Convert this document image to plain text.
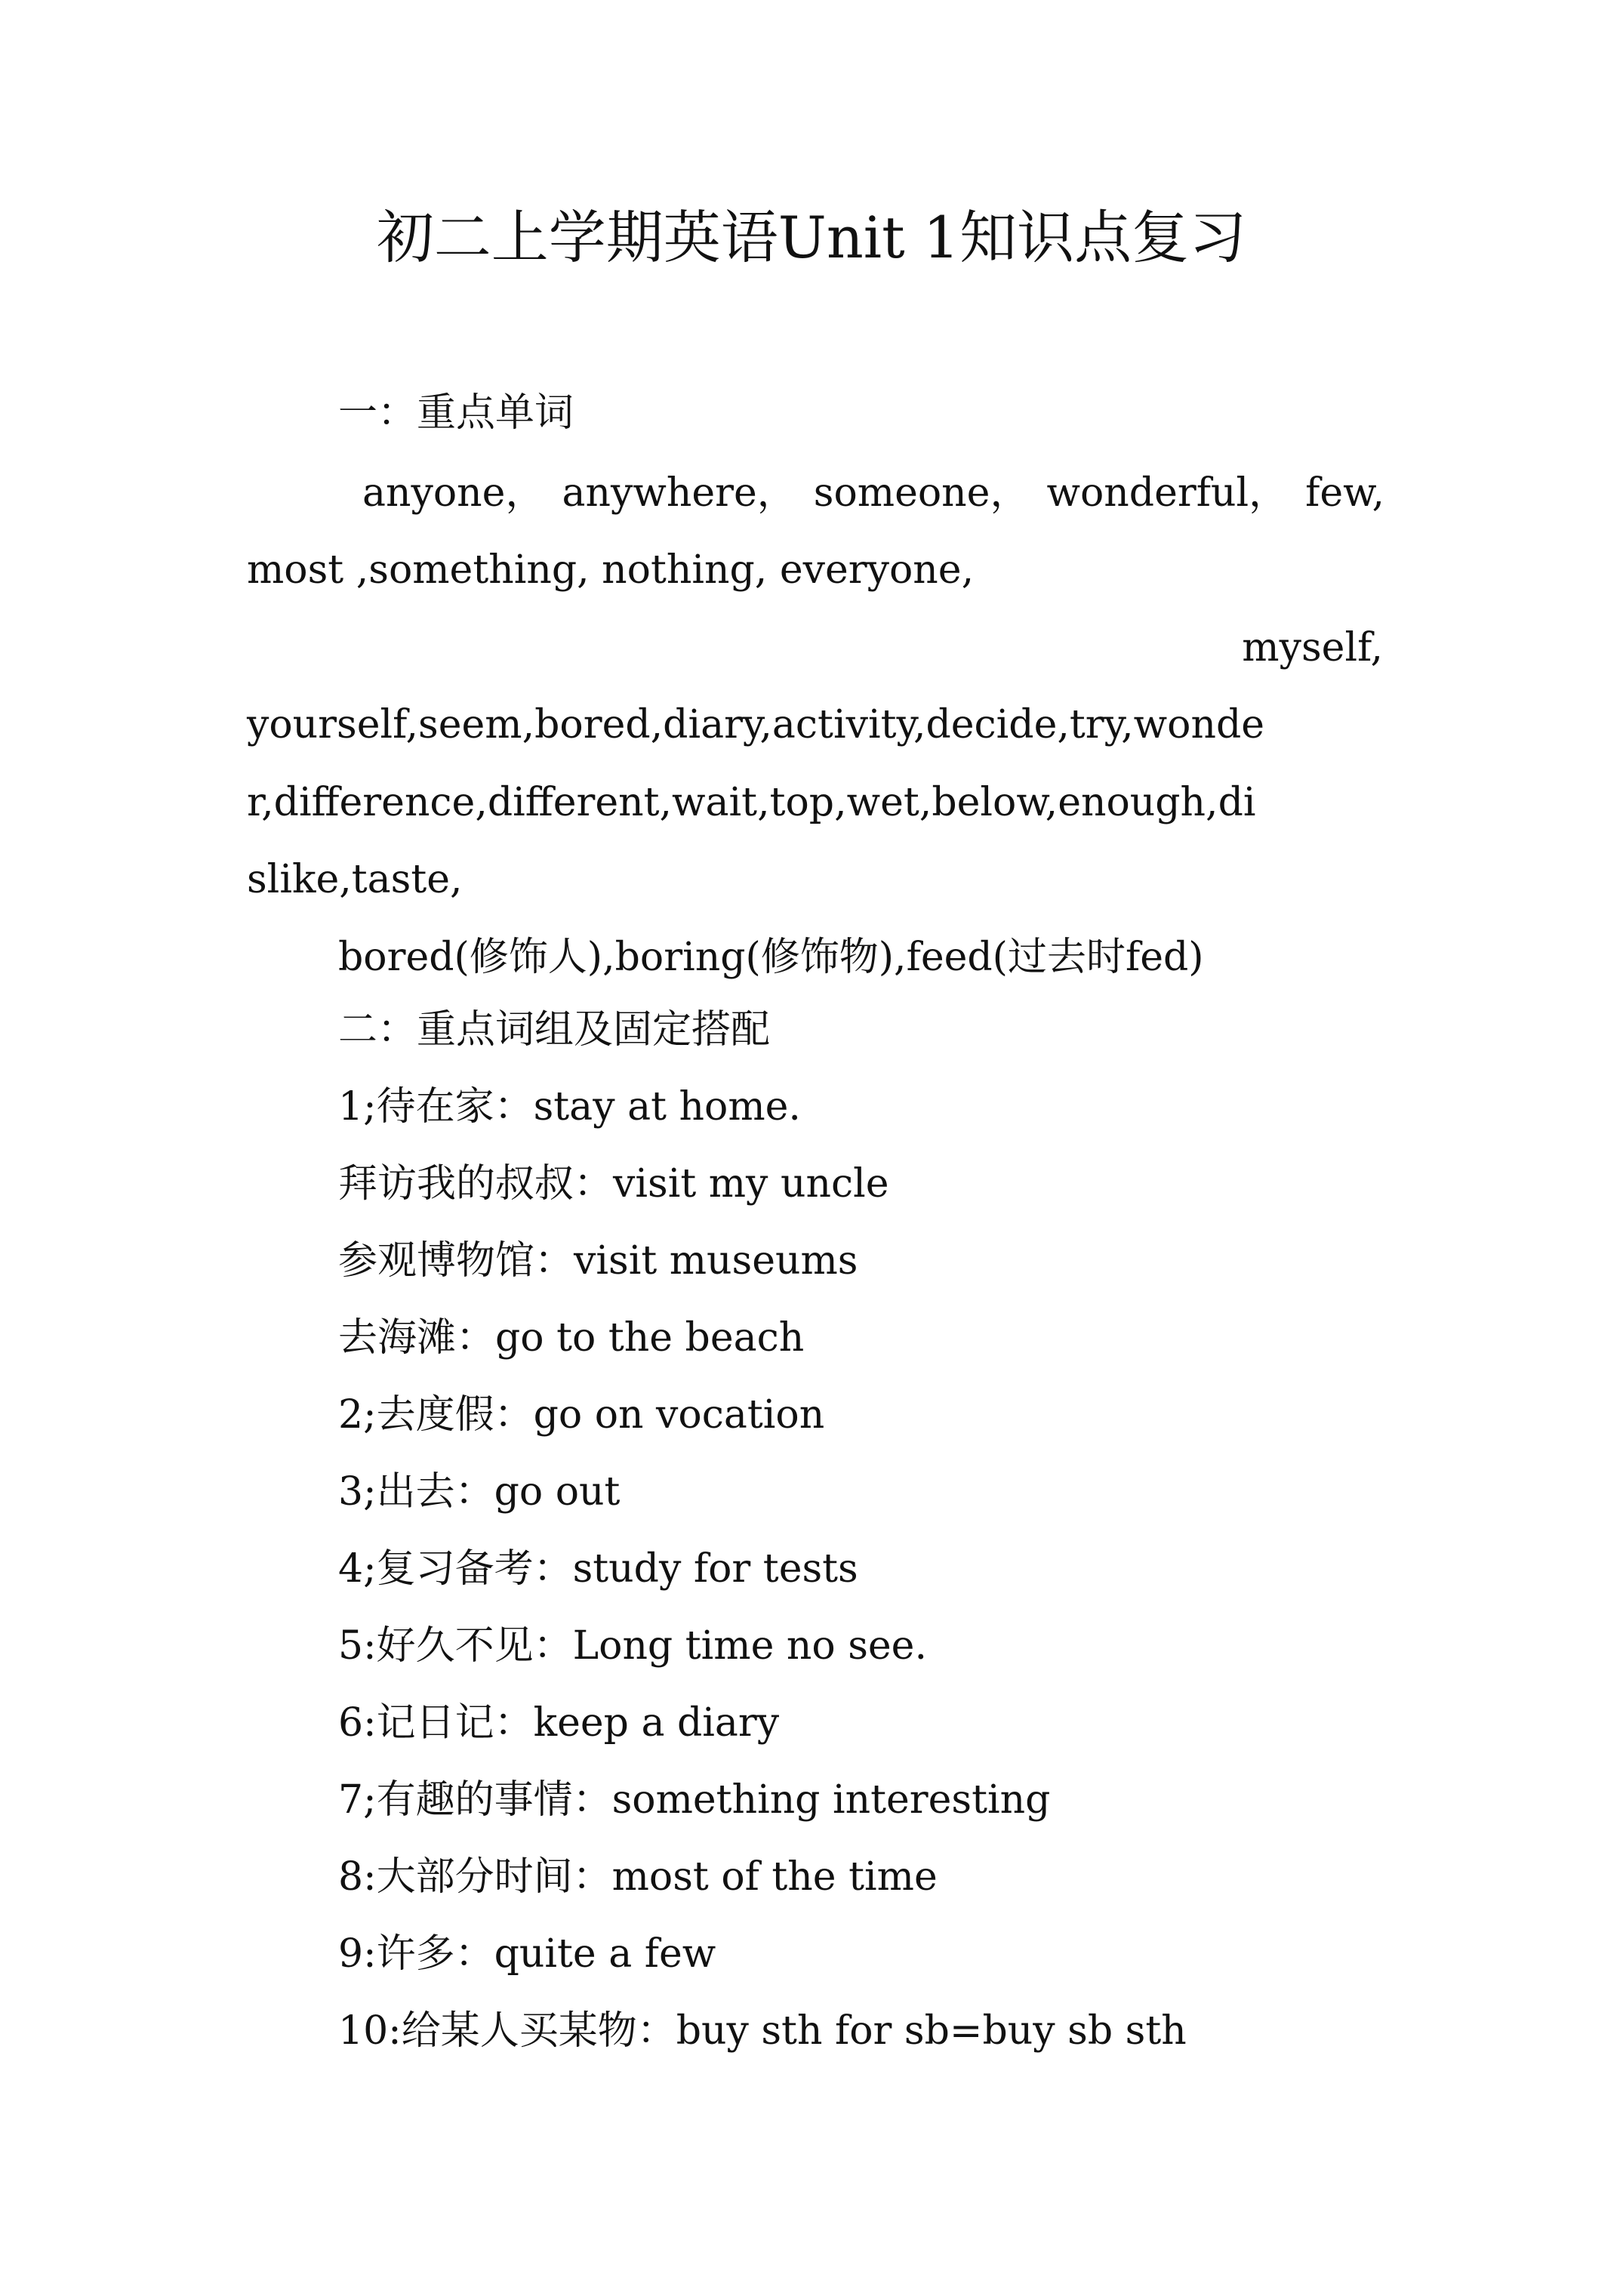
初二上学期英语Unit 1知识点复习

一：重点单词

anyone， anywhere， someone， wonderful， few,

most ,something, nothing, everyone,

myself,

yourself,seem,bored,diary,activity,decide,try,wonde

r,difference,different,wait,top,wet,below,enough,di

slike,taste,

bored(修饰人),boring(修饰物),feed(过去时fed)

二：重点词组及固定搭配

1;待在家：stay at home.
拜访我的叔叔：visit my uncle
参观博物馆：visit museums
去海滩：go to the beach
2;去度假：go on vocation
3;出去：go out
4;复习备考：study for tests
5:好久不见：Long time no see.
6:记日记：keep a diary
7;有趣的事情：something interesting
8:大部分时间：most of the time
9:许多：quite a few
10:给某人买某物：buy sth for sb=buy sb sth
